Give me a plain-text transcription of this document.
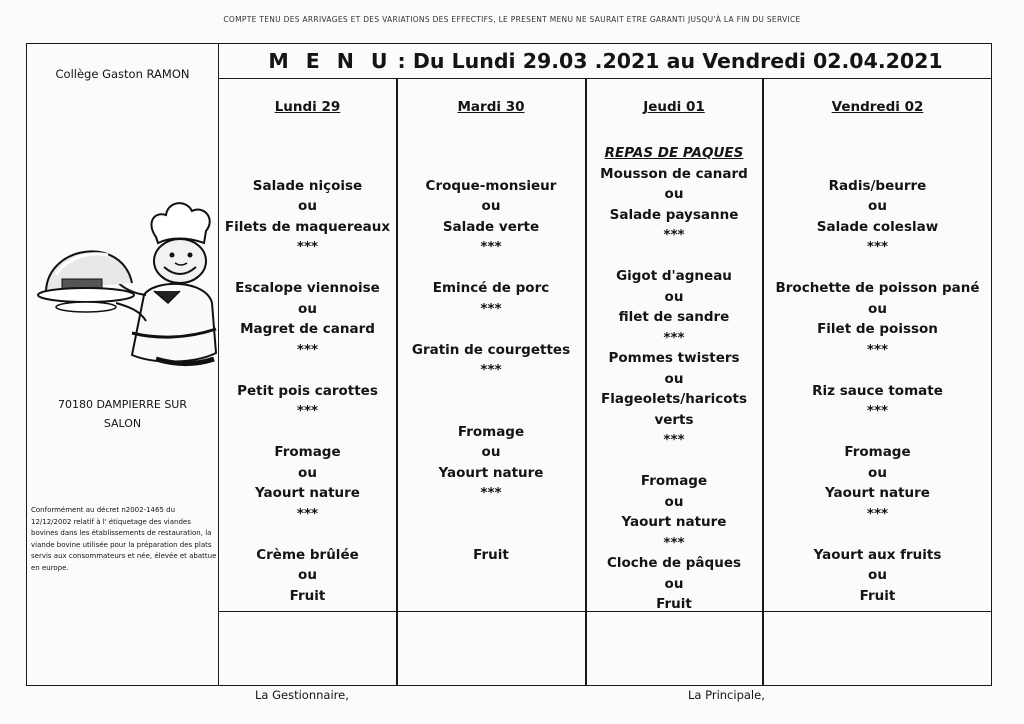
COMPTE TENU DES ARRIVAGES ET DES VARIATIONS DES EFFECTIFS, LE PRESENT MENU NE SAURAIT ETRE GARANTI JUSQU'À LA FIN DU SERVICE
Collège Gaston RAMON
70180 DAMPIERRE SUR
SALON
Conformément au décret n2002-1465 du 12/12/2002 relatif à l' étiquetage des viandes bovines dans les établissements de restauration, la viande bovine utilisée pour la préparation des plats servis aux consommateurs et née, élevée et abattue en europe.
MENU
: Du Lundi 29.03 .2021 au Vendredi 02.04.2021
Lundi 29
Salade niçoise
ou
Filets de maquereaux
***
Escalope viennoise
ou
Magret de canard
***
Petit pois carottes
***
Fromage
ou
Yaourt nature
***
Crème brûlée
ou
Fruit
Mardi 30
Croque-monsieur
ou
Salade verte
***
Emincé de porc
***
Gratin de courgettes
***
Fromage
ou
Yaourt nature
***
Fruit
Jeudi 01
REPAS DE PAQUES
Mousson de canard
ou
Salade paysanne
***
Gigot d'agneau
ou
filet de sandre
***
Pommes twisters
ou
Flageolets/haricots
verts
***
Fromage
ou
Yaourt nature
***
Cloche de pâques
ou
Fruit
Vendredi 02
Radis/beurre
ou
Salade coleslaw
***
Brochette de poisson pané
ou
Filet de poisson
***
Riz sauce tomate
***
Fromage
ou
Yaourt nature
***
Yaourt aux fruits
ou
Fruit
La Gestionnaire,	La Principale,
